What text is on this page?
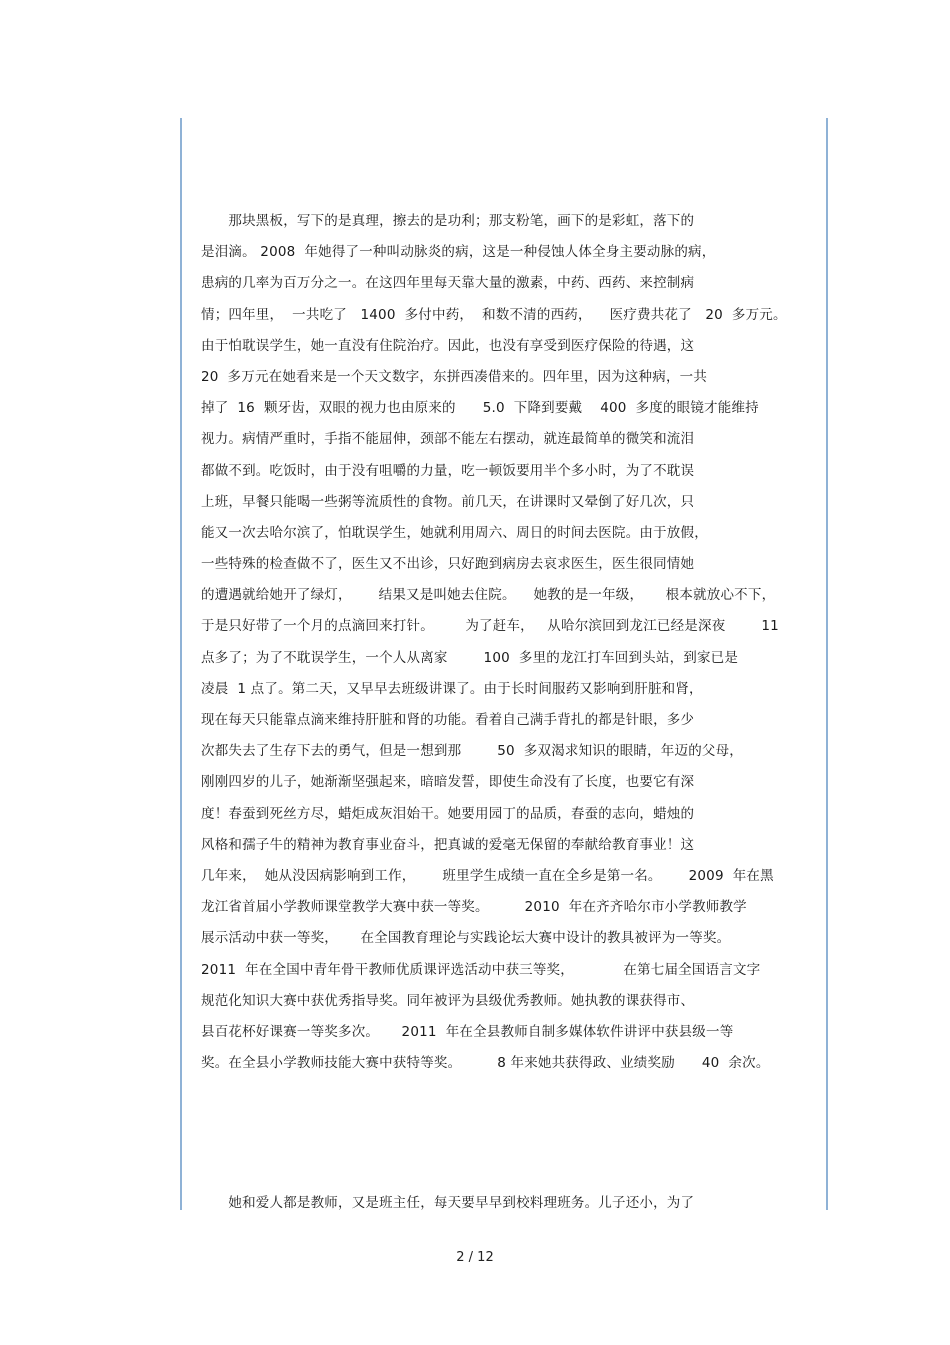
　　那块黑板，写下的是真理，擦去的是功利；那支粉笔，画下的是彩虹，落下的
是泪滴。 2008  年她得了一种叫动脉炎的病，这是一种侵蚀人体全身主要动脉的病，
患病的几率为百万分之一。在这四年里每天靠大量的激素，中药、西药、来控制病
情；四年里，  一共吃了   1400  多付中药，  和数不清的西药，    医疗费共花了   20  多万元。
由于怕耽误学生，她一直没有住院治疗。因此，也没有享受到医疗保险的待遇，这
20  多万元在她看来是一个天文数字，东拼西凑借来的。四年里，因为这种病，一共
掉了  16  颗牙齿，双眼的视力也由原来的      5.0  下降到要戴    400  多度的眼镜才能维持
视力。病情严重时，手指不能屈伸，颈部不能左右摆动，就连最简单的微笑和流泪
都做不到。吃饭时，由于没有咀嚼的力量，吃一顿饭要用半个多小时，为了不耽误
上班，早餐只能喝一些粥等流质性的食物。前几天，在讲课时又晕倒了好几次，只
能又一次去哈尔滨了，怕耽误学生，她就利用周六、周日的时间去医院。由于放假，
一些特殊的检查做不了，医生又不出诊，只好跑到病房去哀求医生，医生很同情她
的遭遇就给她开了绿灯，      结果又是叫她去住院。    她教的是一年级，     根本就放心不下，
于是只好带了一个月的点滴回来打针。       为了赶车，   从哈尔滨回到龙江已经是深夜        11
点多了；为了不耽误学生，一个人从离家        100  多里的龙江打车回到头站，到家已是
凌晨  1 点了。第二天，又早早去班级讲课了。由于长时间服药又影响到肝脏和肾，
现在每天只能靠点滴来维持肝脏和肾的功能。看着自己满手背扎的都是针眼，多少
次都失去了生存下去的勇气，但是一想到那        50  多双渴求知识的眼睛，年迈的父母，
刚刚四岁的儿子，她渐渐坚强起来，暗暗发誓，即使生命没有了长度，也要它有深
度！春蚕到死丝方尽，蜡炬成灰泪始干。她要用园丁的品质，春蚕的志向，蜡烛的
风格和孺子牛的精神为教育事业奋斗，把真诚的爱毫无保留的奉献给教育事业！这
几年来，  她从没因病影响到工作，      班里学生成绩一直在全乡是第一名。      2009  年在黑
龙江省首届小学教师课堂教学大赛中获一等奖。        2010  年在齐齐哈尔市小学教师教学
展示活动中获一等奖，     在全国教育理论与实践论坛大赛中设计的教具被评为一等奖。
2011  年在全国中青年骨干教师优质课评选活动中获三等奖，           在第七届全国语言文字
规范化知识大赛中获优秀指导奖。同年被评为县级优秀教师。她执教的课获得市、
县百花杯好课赛一等奖多次。     2011  年在全县教师自制多媒体软件讲评中获县级一等
奖。在全县小学教师技能大赛中获特等奖。        8 年来她共获得政、业绩奖励      40  余次。
　　她和爱人都是教师，又是班主任，每天要早早到校料理班务。儿子还小，为了
2 / 12
